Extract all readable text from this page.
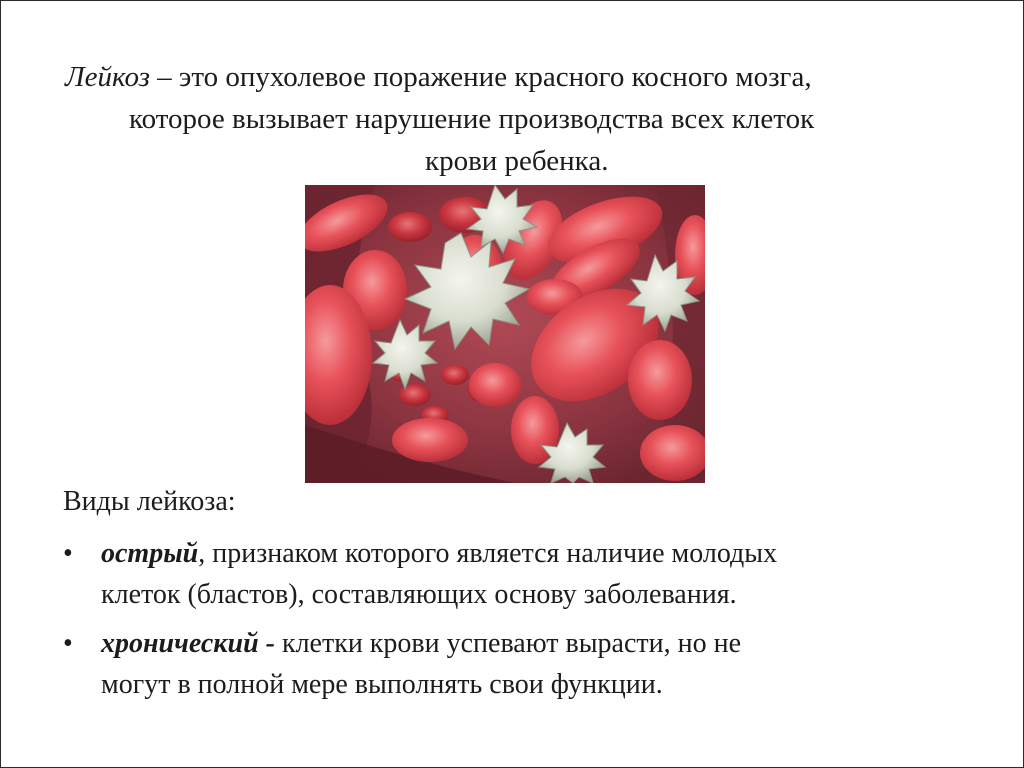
Лейкоз – это опухолевое поражение красного косного мозга,
которое вызывает нарушение производства всех клеток
крови ребенка.
Виды лейкоза:
• острый, признаком которого является наличие молодых
клеток (бластов), составляющих основу заболевания.
• хронический - клетки крови успевают вырасти, но не
могут в полной мере выполнять свои функции.
